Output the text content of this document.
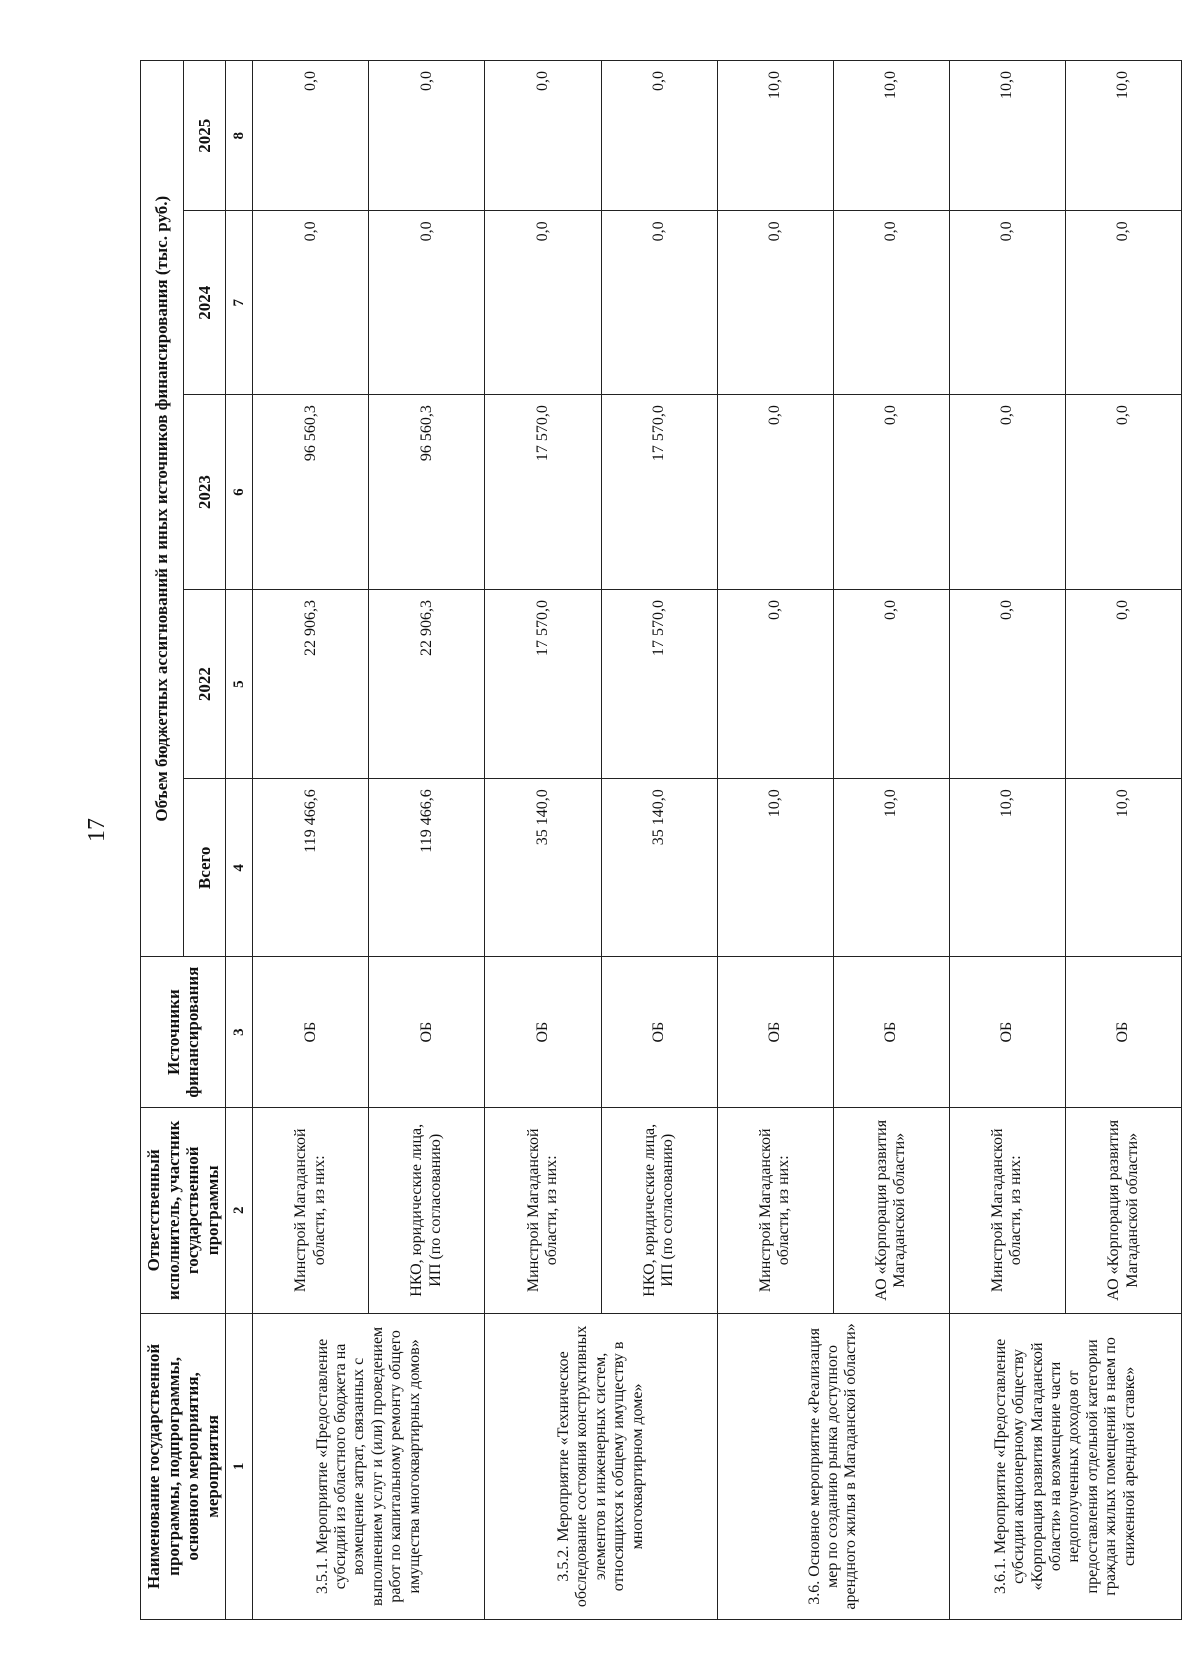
17
Наименование государственной программы, подпрограммы, основного мероприятия, мероприятия	Ответственный исполнитель, участник государственной программы	Источники финансирования	Объем бюджетных ассигнований и иных источников финансирования (тыс. руб.)				
			Всего	2022	2023	2024	2025
1	2	3	4	5	6	7	8
3.5.1. Мероприятие «Предоставление субсидий из областного бюджета на возмещение затрат, связанных с выполнением услуг и (или) проведением работ по капитальному ремонту общего имущества многоквартирных домов»	Минстрой Магаданской области, из них:	ОБ	119 466,6	22 906,3	96 560,3	0,0	0,0
	НКО, юридические лица, ИП (по согласованию)	ОБ	119 466,6	22 906,3	96 560,3	0,0	0,0
3.5.2. Мероприятие «Техническое обследование состояния конструктивных элементов и инженерных систем, относящихся к общему имуществу в многоквартирном доме»	Минстрой Магаданской области, из них:	ОБ	35 140,0	17 570,0	17 570,0	0,0	0,0
	НКО, юридические лица, ИП (по согласованию)	ОБ	35 140,0	17 570,0	17 570,0	0,0	0,0
3.6. Основное мероприятие «Реализация мер по созданию рынка доступного арендного жилья в Магаданской области»	Минстрой Магаданской области, из них:	ОБ	10,0	0,0	0,0	0,0	10,0
	АО «Корпорация развития Магаданской области»	ОБ	10,0	0,0	0,0	0,0	10,0
3.6.1. Мероприятие «Предоставление субсидии акционерному обществу «Корпорация развития Магаданской области» на возмещение части недополученных доходов от предоставления отдельной категории граждан жилых помещений в наем по сниженной арендной ставке»	Минстрой Магаданской области, из них:	ОБ	10,0	0,0	0,0	0,0	10,0
	АО «Корпорация развития Магаданской области»	ОБ	10,0	0,0	0,0	0,0	10,0
